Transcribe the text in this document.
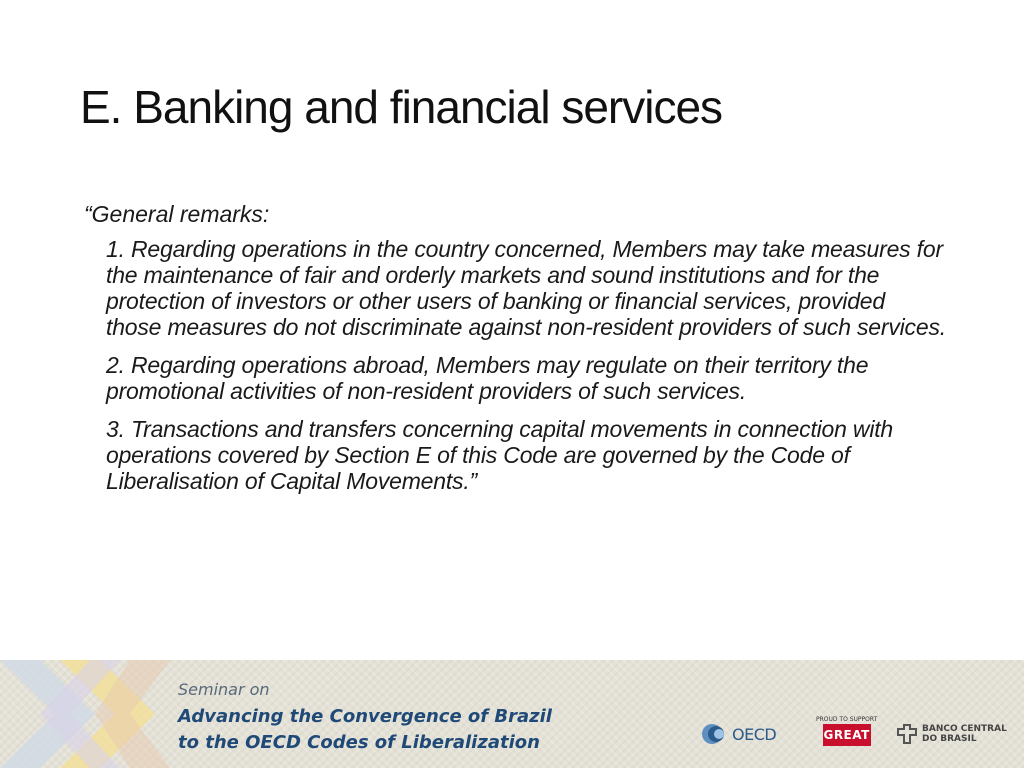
E. Banking and financial services

“General remarks:

1. Regarding operations in the country concerned, Members may take measures for the maintenance of fair and orderly markets and sound institutions and for the protection of investors or other users of banking or financial services, provided those measures do not discriminate against non-resident providers of such services.

2. Regarding operations abroad, Members may regulate on their territory the promotional activities of non-resident providers of such services.

3. Transactions and transfers concerning capital movements in connection with operations covered by Section E of this Code are governed by the Code of Liberalisation of Capital Movements.”

Seminar on
Advancing the Convergence of Brazil
to the OECD Codes of Liberalization	OECD
PROUD TO SUPPORT
GREAT	BANCO CENTRAL
DO BRASIL
